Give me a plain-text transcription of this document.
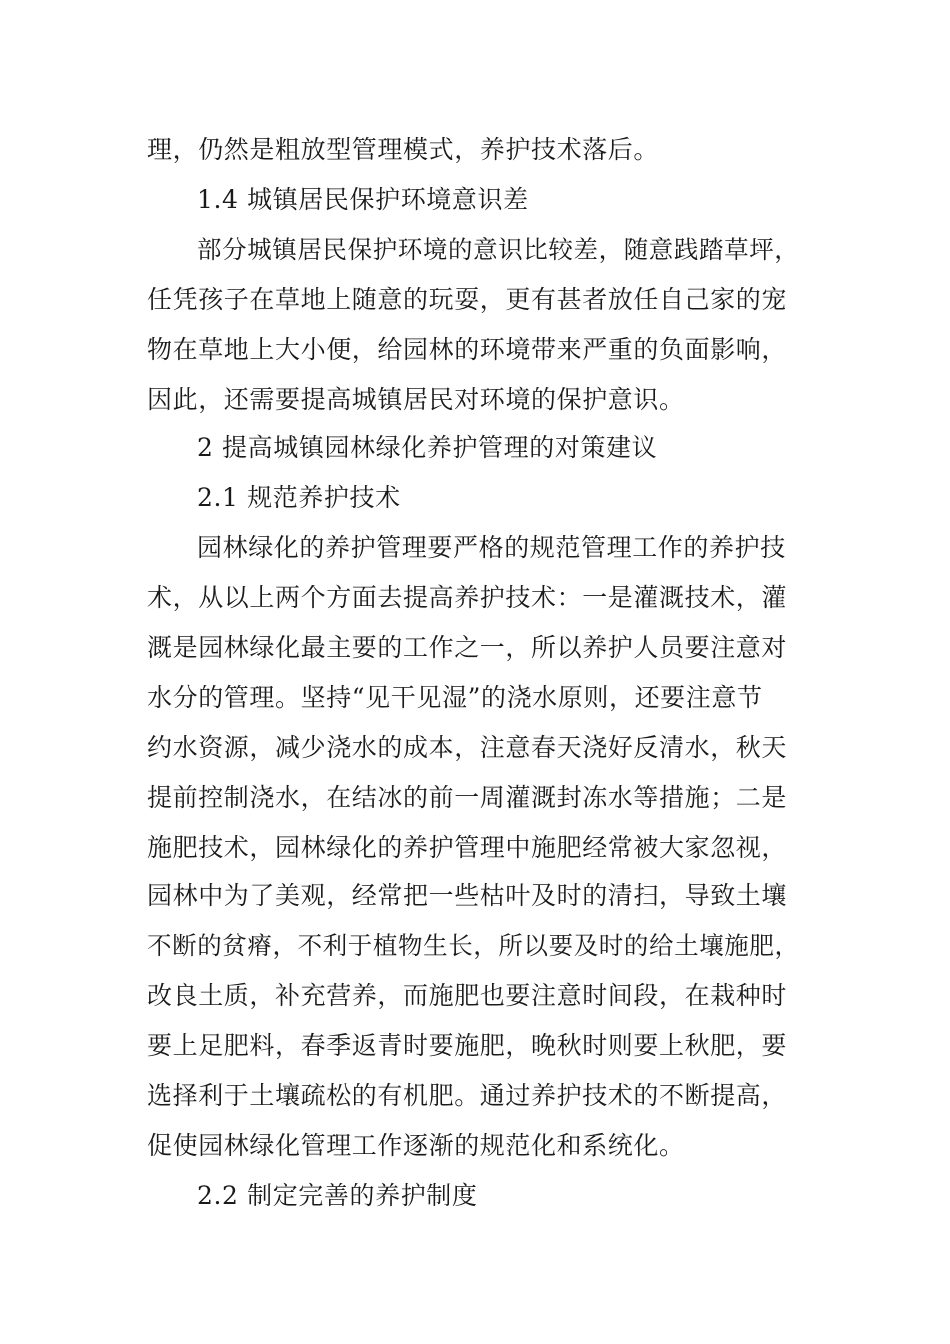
理，仍然是粗放型管理模式，养护技术落后。
1.4 城镇居民保护环境意识差
部分城镇居民保护环境的意识比较差，随意践踏草坪，
任凭孩子在草地上随意的玩耍，更有甚者放任自己家的宠
物在草地上大小便，给园林的环境带来严重的负面影响，
因此，还需要提高城镇居民对环境的保护意识。
2 提高城镇园林绿化养护管理的对策建议
2.1 规范养护技术
园林绿化的养护管理要严格的规范管理工作的养护技
术，从以上两个方面去提高养护技术：一是灌溉技术，灌
溉是园林绿化最主要的工作之一，所以养护人员要注意对
水分的管理。坚持“见干见湿”的浇水原则，还要注意节
约水资源，减少浇水的成本，注意春天浇好反清水，秋天
提前控制浇水，在结冰的前一周灌溉封冻水等措施；二是
施肥技术，园林绿化的养护管理中施肥经常被大家忽视，
园林中为了美观，经常把一些枯叶及时的清扫，导致土壤
不断的贫瘠，不利于植物生长，所以要及时的给土壤施肥，
改良土质，补充营养，而施肥也要注意时间段，在栽种时
要上足肥料，春季返青时要施肥，晚秋时则要上秋肥，要
选择利于土壤疏松的有机肥。通过养护技术的不断提高，
促使园林绿化管理工作逐渐的规范化和系统化。
2.2 制定完善的养护制度
